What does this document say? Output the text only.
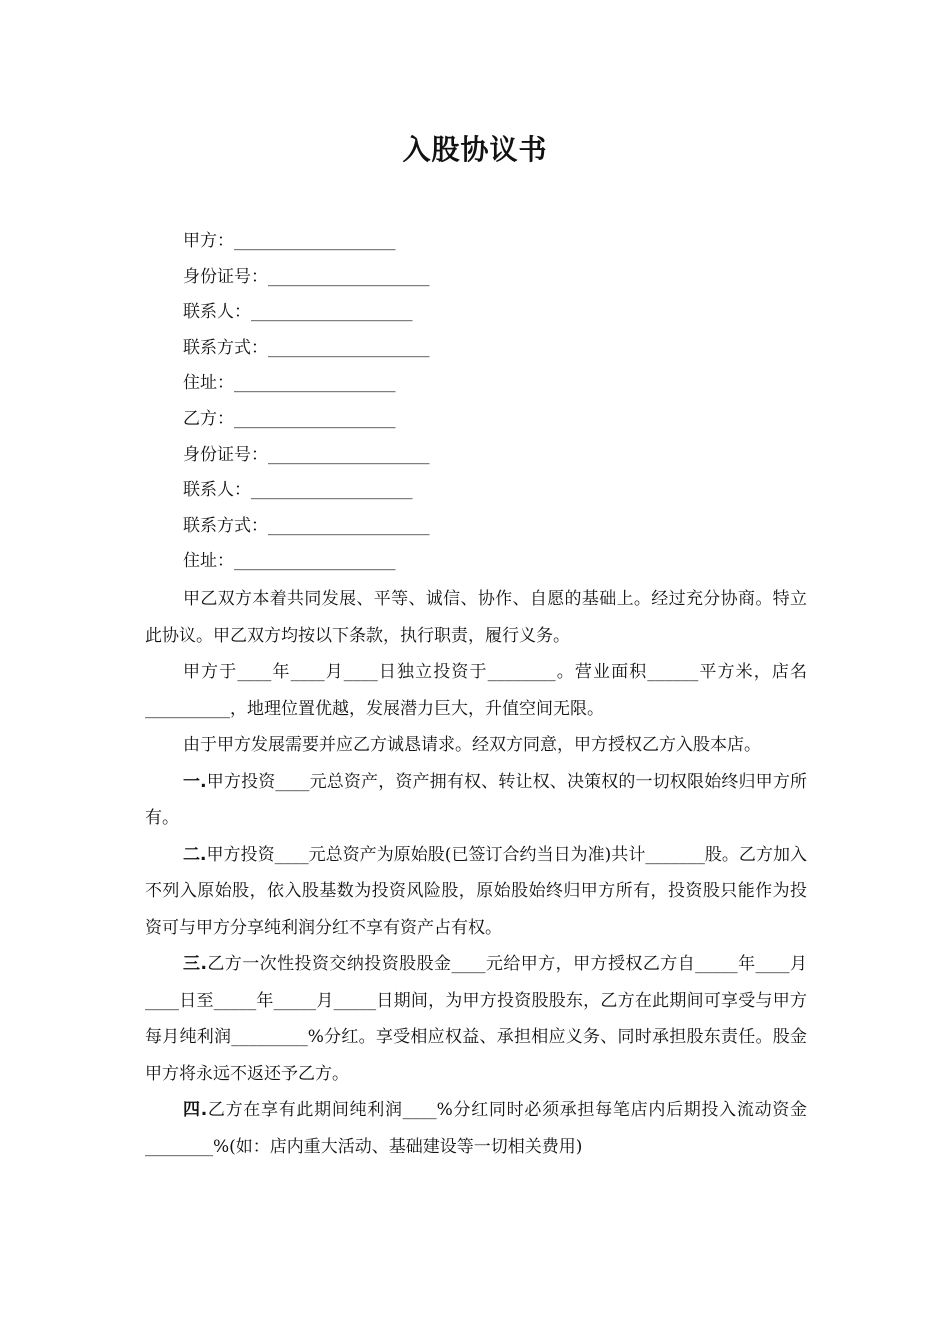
入股协议书
甲方：___________________
身份证号：___________________
联系人：___________________
联系方式：___________________
住址：___________________
乙方：___________________
身份证号：___________________
联系人：___________________
联系方式：___________________
住址：___________________

甲乙双方本着共同发展、平等、诚信、协作、自愿的基础上。经过充分协商。特立此协议。甲乙双方均按以下条款，执行职责，履行义务。

甲方于____年____月____日独立投资于________。营业面积______平方米，店名__________，地理位置优越，发展潜力巨大，升值空间无限。

由于甲方发展需要并应乙方诚恳请求。经双方同意，甲方授权乙方入股本店。

一.甲方投资____元总资产，资产拥有权、转让权、决策权的一切权限始终归甲方所有。

二.甲方投资____元总资产为原始股(已签订合约当日为准)共计_______股。乙方加入不列入原始股，依入股基数为投资风险股，原始股始终归甲方所有，投资股只能作为投资可与甲方分享纯利润分红不享有资产占有权。

三.乙方一次性投资交纳投资股股金____元给甲方，甲方授权乙方自_____年____月____日至_____年_____月_____日期间，为甲方投资股股东，乙方在此期间可享受与甲方每月纯利润_________%分红。享受相应权益、承担相应义务、同时承担股东责任。股金甲方将永远不返还予乙方。

四.乙方在享有此期间纯利润____%分红同时必须承担每笔店内后期投入流动资金________%(如：店内重大活动、基础建设等一切相关费用)
